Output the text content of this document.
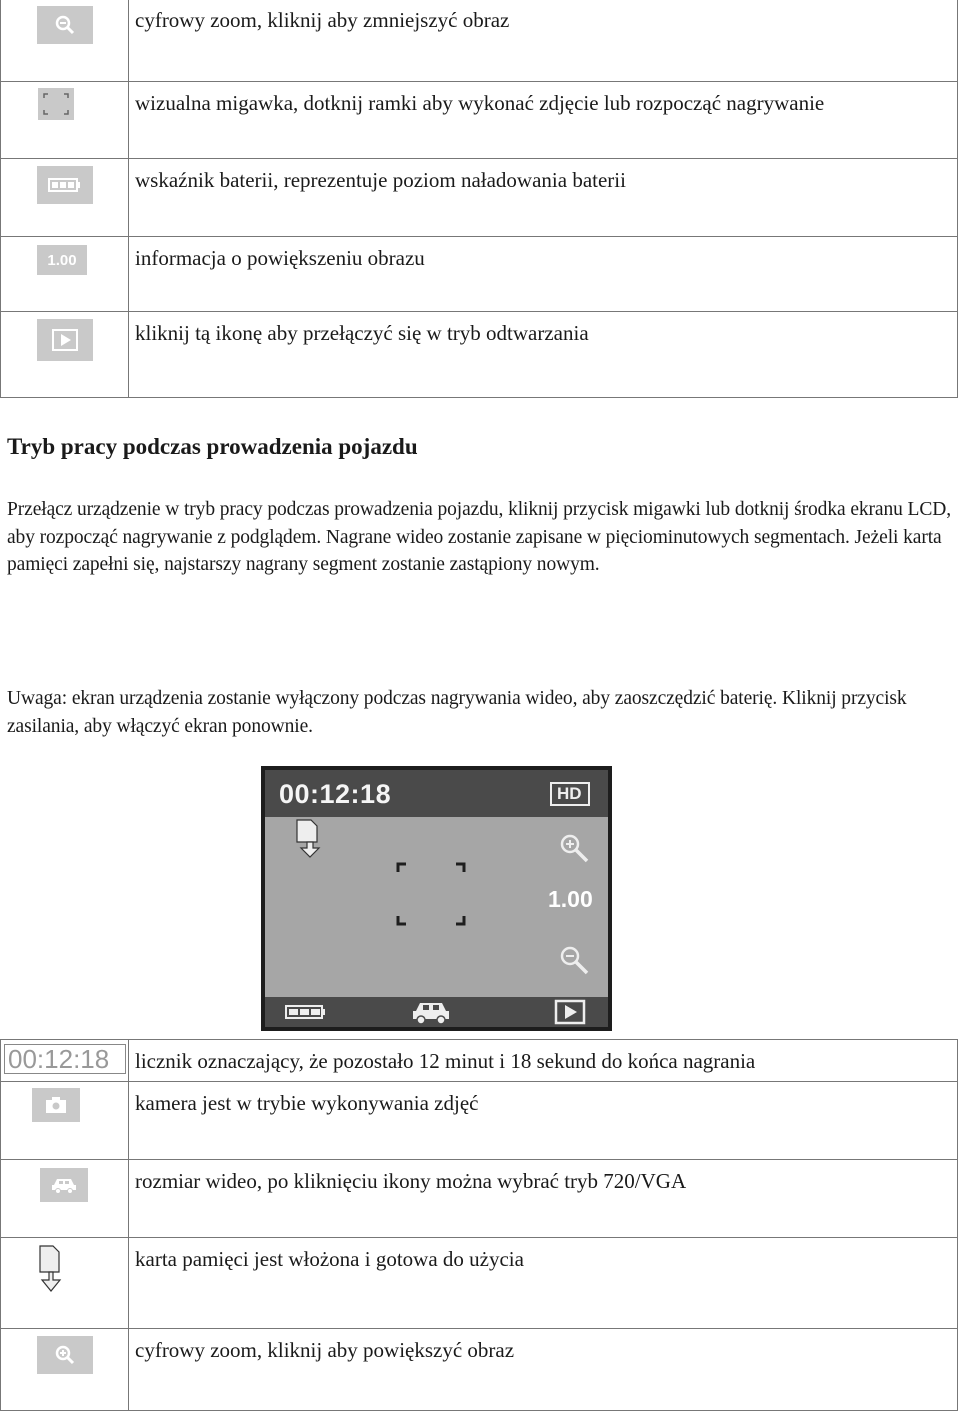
	cyfrowy zoom, kliknij aby zmniejszyć obraz

	wizualna migawka, dotknij ramki aby wykonać zdjęcie lub rozpocząć nagrywanie

	wskaźnik baterii, reprezentuje poziom naładowania baterii

1.00	informacja o powiększeniu obrazu

	kliknij tą ikonę aby przełączyć się w tryb odtwarzania
Tryb pracy podczas prowadzenia pojazdu
Przełącz urządzenie w tryb pracy podczas prowadzenia pojazdu, kliknij przycisk migawki lub dotknij środka ekranu LCD, aby rozpocząć nagrywanie z podglądem. Nagrane wideo zostanie zapisane w pięciominutowych segmentach. Jeżeli karta pamięci zapełni się, najstarszy nagrany segment zostanie zastąpiony nowym.
Uwaga: ekran urządzenia zostanie wyłączony podczas nagrywania wideo, aby zaoszczędzić baterię. Kliknij przycisk zasilania, aby włączyć ekran ponownie.
00:12:18	HD
1.00
00:12:18	licznik oznaczający, że pozostało 12 minut i 18 sekund do końca nagrania

	kamera jest w trybie wykonywania zdjęć

	rozmiar wideo, po kliknięciu ikony można wybrać tryb 720/VGA

	karta pamięci jest włożona i gotowa do użycia

	cyfrowy zoom, kliknij aby powiększyć obraz
